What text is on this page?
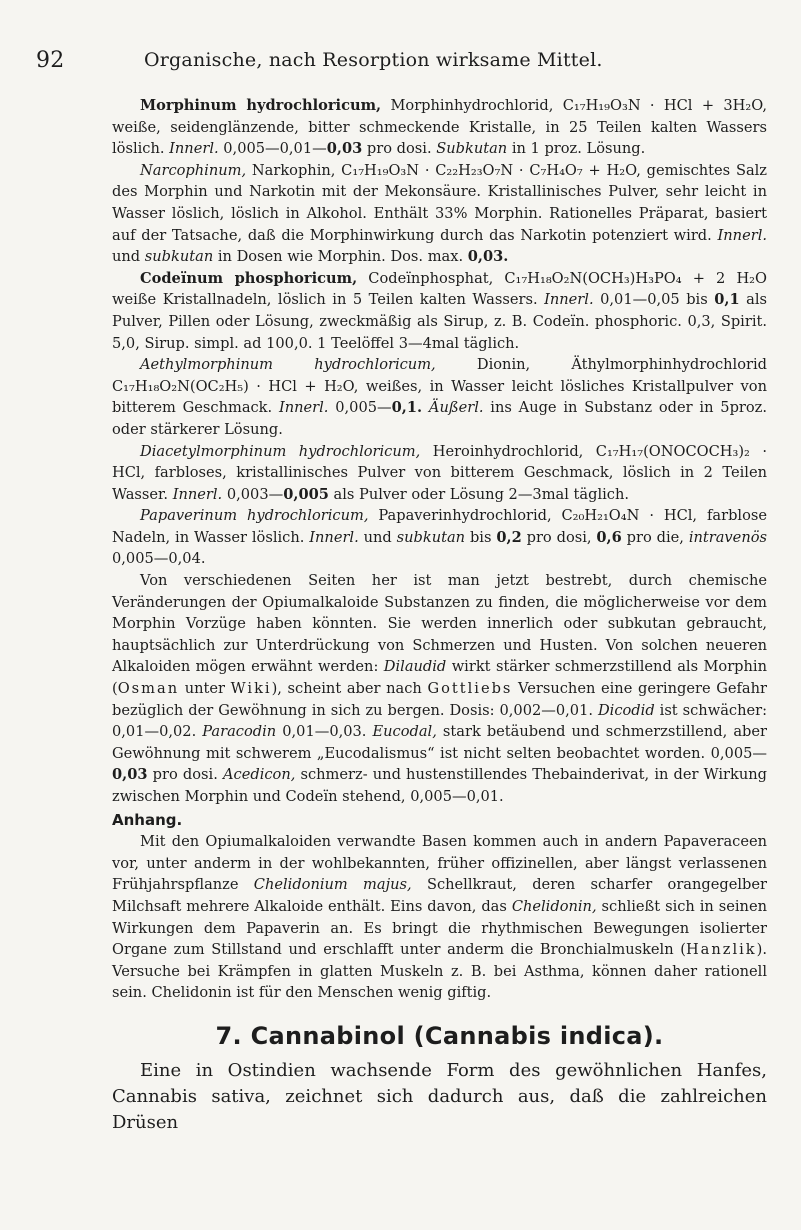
92	Organische, nach Resorption wirksame Mittel.

Morphinum hydrochloricum, Morphinhydrochlorid, C₁₇H₁₉O₃N · HCl + 3H₂O, weiße, seidenglänzende, bitter schmeckende Kristalle, in 25 Teilen kalten Wassers löslich. Innerl. 0,005—0,01—0,03 pro dosi. Subkutan in 1 proz. Lösung.

Narcophinum, Narkophin, C₁₇H₁₉O₃N · C₂₂H₂₃O₇N · C₇H₄O₇ + H₂O, gemischtes Salz des Morphin und Narkotin mit der Mekonsäure. Kristallinisches Pulver, sehr leicht in Wasser löslich, löslich in Alkohol. Enthält 33% Morphin. Rationelles Präparat, basiert auf der Tatsache, daß die Morphinwirkung durch das Narkotin potenziert wird. Innerl. und subkutan in Dosen wie Morphin. Dos. max. 0,03.

Codeïnum phosphoricum, Codeïnphosphat, C₁₇H₁₈O₂N(OCH₃)H₃PO₄ + 2 H₂O weiße Kristallnadeln, löslich in 5 Teilen kalten Wassers. Innerl. 0,01—0,05 bis 0,1 als Pulver, Pillen oder Lösung, zweckmäßig als Sirup, z. B. Codeïn. phosphoric. 0,3, Spirit. 5,0, Sirup. simpl. ad 100,0. 1 Teelöffel 3—4mal täglich.

Aethylmorphinum hydrochloricum, Dionin, Äthylmorphinhydrochlorid C₁₇H₁₈O₂N(OC₂H₅) · HCl + H₂O, weißes, in Wasser leicht lösliches Kristallpulver von bitterem Geschmack. Innerl. 0,005—0,1. Äußerl. ins Auge in Substanz oder in 5proz. oder stärkerer Lösung.

Diacetylmorphinum hydrochloricum, Heroinhydrochlorid, C₁₇H₁₇(ONOCOCH₃)₂ · HCl, farbloses, kristallinisches Pulver von bitterem Geschmack, löslich in 2 Teilen Wasser. Innerl. 0,003—0,005 als Pulver oder Lösung 2—3mal täglich.

Papaverinum hydrochloricum, Papaverinhydrochlorid, C₂₀H₂₁O₄N · HCl, farblose Nadeln, in Wasser löslich. Innerl. und subkutan bis 0,2 pro dosi, 0,6 pro die, intravenös 0,005—0,04.

Von verschiedenen Seiten her ist man jetzt bestrebt, durch chemische Veränderungen der Opiumalkaloide Substanzen zu finden, die möglicherweise vor dem Morphin Vorzüge haben könnten. Sie werden innerlich oder subkutan gebraucht, hauptsächlich zur Unterdrückung von Schmerzen und Husten. Von solchen neueren Alkaloiden mögen erwähnt werden: Dilaudid wirkt stärker schmerzstillend als Morphin (Osman unter Wiki), scheint aber nach Gottliebs Versuchen eine geringere Gefahr bezüglich der Gewöhnung in sich zu bergen. Dosis: 0,002—0,01. Dicodid ist schwächer: 0,01—0,02. Paracodin 0,01—0,03. Eucodal, stark betäubend und schmerzstillend, aber Gewöhnung mit schwerem „Eucodalismus“ ist nicht selten beobachtet worden. 0,005—0,03 pro dosi. Acedicon, schmerz- und hustenstillendes Thebainderivat, in der Wirkung zwischen Morphin und Codeïn stehend, 0,005—0,01.

Anhang.

Mit den Opiumalkaloiden verwandte Basen kommen auch in andern Papaveraceen vor, unter anderm in der wohlbekannten, früher offizinellen, aber längst verlassenen Frühjahrspflanze Chelidonium majus, Schellkraut, deren scharfer orangegelber Milchsaft mehrere Alkaloide enthält. Eins davon, das Chelidonin, schließt sich in seinen Wirkungen dem Papaverin an. Es bringt die rhythmischen Bewegungen isolierter Organe zum Stillstand und erschlafft unter anderm die Bronchialmuskeln (Hanzlik). Versuche bei Krämpfen in glatten Muskeln z. B. bei Asthma, können daher rationell sein. Chelidonin ist für den Menschen wenig giftig.

7. Cannabinol (Cannabis indica).

Eine in Ostindien wachsende Form des gewöhnlichen Hanfes, Cannabis sativa, zeichnet sich dadurch aus, daß die zahlreichen Drüsen
